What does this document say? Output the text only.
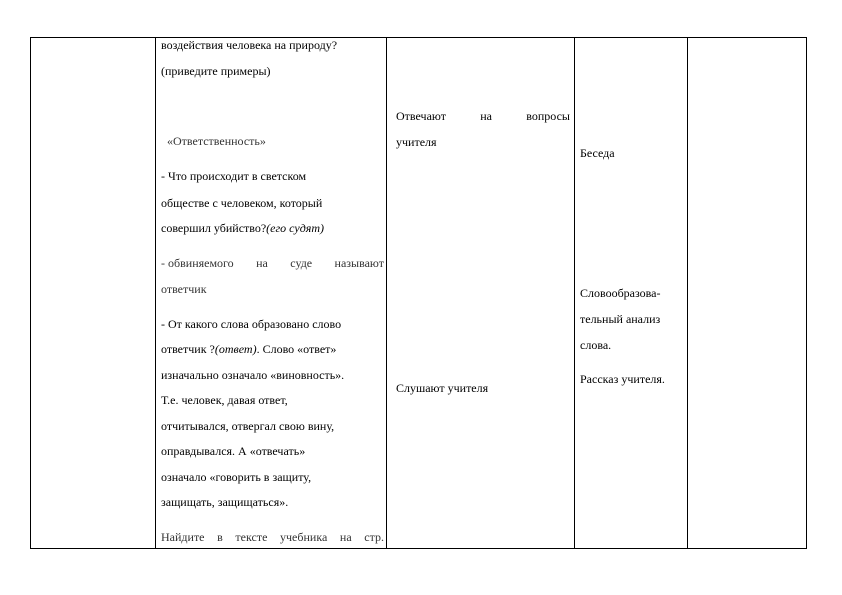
воздействия человека на природу?
(приведите примеры)
«Ответственность»
- Что происходит в светском
обществе с человеком, который
совершил убийство?(его судят)
- обвиняемого на суде называют
ответчик
- От какого слова образовано слово
ответчик ?(ответ). Слово «ответ»
изначально означало «виновность».
Т.е. человек, давая ответ,
отчитывался, отвергал свою вину,
оправдывался. А «отвечать»
означало «говорить в защиту,
защищать, защищаться».
Найдите в тексте учебника на стр.
Отвечают	на	вопросы
учителя
Слушают учителя
Беседа
Словообразова-
тельный анализ
слова.
Рассказ учителя.
